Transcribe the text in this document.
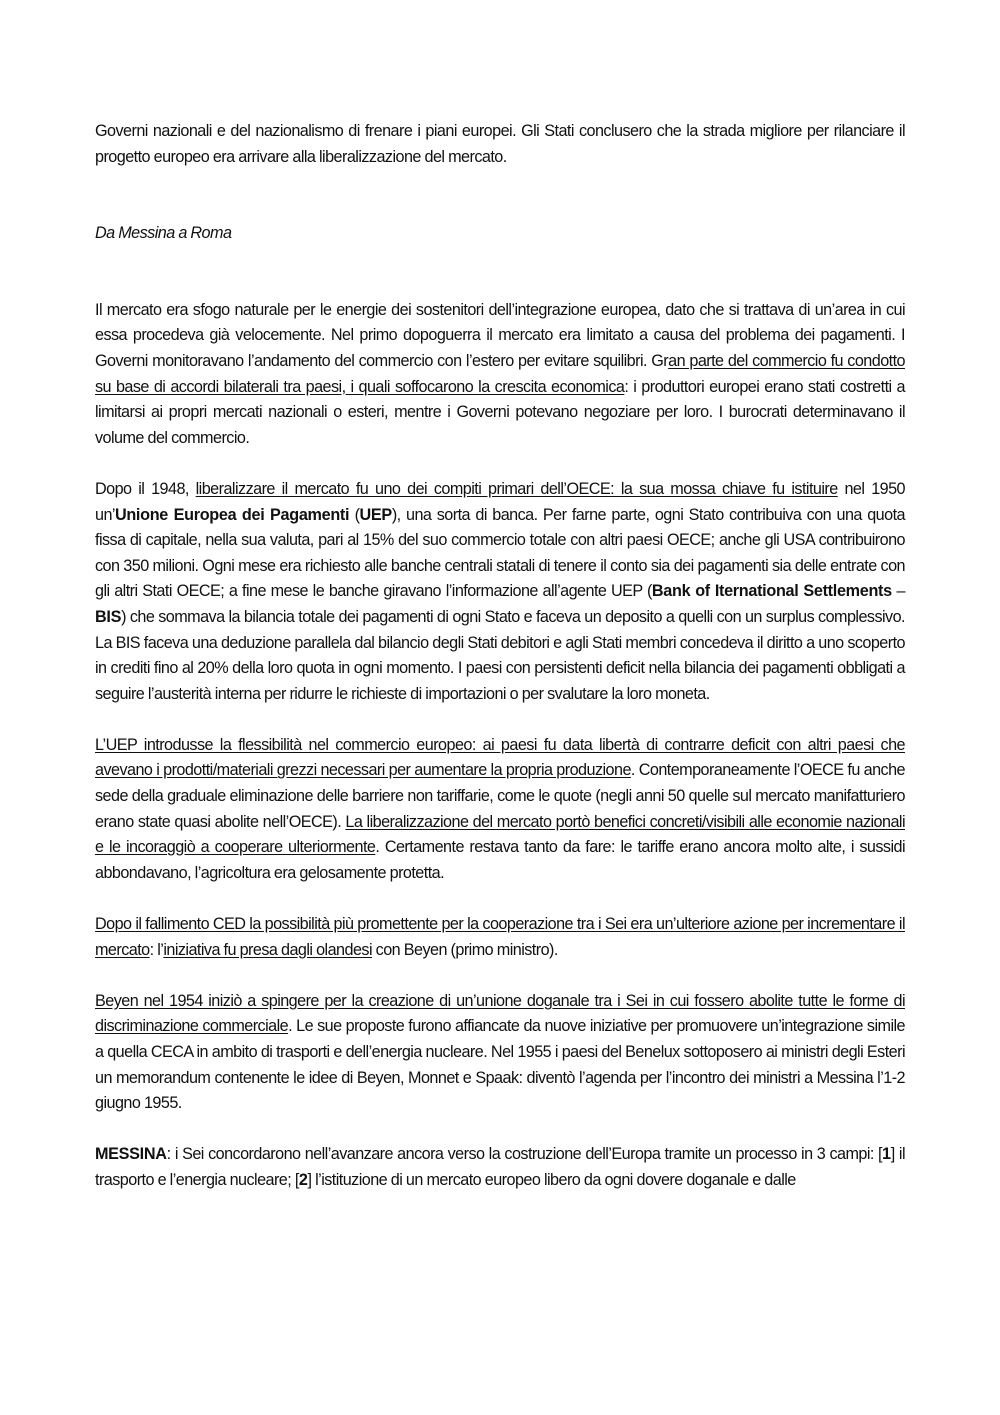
Governi nazionali e del nazionalismo di frenare i piani europei. Gli Stati conclusero che la strada migliore per rilanciare il progetto europeo era arrivare alla liberalizzazione del mercato.

Da Messina a Roma

Il mercato era sfogo naturale per le energie dei sostenitori dell’integrazione europea, dato che si trattava di un’area in cui essa procedeva già velocemente. Nel primo dopoguerra il mercato era limitato a causa del problema dei pagamenti. I Governi monitoravano l’andamento del commercio con l’estero per evitare squilibri. Gran parte del commercio fu condotto su base di accordi bilaterali tra paesi, i quali soffocarono la crescita economica: i produttori europei erano stati costretti a limitarsi ai propri mercati nazionali o esteri, mentre i Governi potevano negoziare per loro. I burocrati determinavano il volume del commercio.

Dopo il 1948, liberalizzare il mercato fu uno dei compiti primari dell’OECE: la sua mossa chiave fu istituire nel 1950 un’Unione Europea dei Pagamenti (UEP), una sorta di banca. Per farne parte, ogni Stato contribuiva con una quota fissa di capitale, nella sua valuta, pari al 15% del suo commercio totale con altri paesi OECE; anche gli USA contribuirono con 350 milioni. Ogni mese era richiesto alle banche centrali statali di tenere il conto sia dei pagamenti sia delle entrate con gli altri Stati OECE; a fine mese le banche giravano l’informazione all’agente UEP (Bank of Iternational Settlements – BIS) che sommava la bilancia totale dei pagamenti di ogni Stato e faceva un deposito a quelli con un surplus complessivo. La BIS faceva una deduzione parallela dal bilancio degli Stati debitori e agli Stati membri concedeva il diritto a uno scoperto in crediti fino al 20% della loro quota in ogni momento. I paesi con persistenti deficit nella bilancia dei pagamenti obbligati a seguire l’austerità interna per ridurre le richieste di importazioni o per svalutare la loro moneta.

L’UEP introdusse la flessibilità nel commercio europeo: ai paesi fu data libertà di contrarre deficit con altri paesi che avevano i prodotti/materiali grezzi necessari per aumentare la propria produzione. Contemporaneamente l’OECE fu anche sede della graduale eliminazione delle barriere non tariffarie, come le quote (negli anni 50 quelle sul mercato manifatturiero erano state quasi abolite nell’OECE). La liberalizzazione del mercato portò benefici concreti/visibili alle economie nazionali e le incoraggiò a cooperare ulteriormente. Certamente restava tanto da fare: le tariffe erano ancora molto alte, i sussidi abbondavano, l’agricoltura era gelosamente protetta.

Dopo il fallimento CED la possibilità più promettente per la cooperazione tra i Sei era un’ulteriore azione per incrementare il mercato: l’iniziativa fu presa dagli olandesi con Beyen (primo ministro).

Beyen nel 1954 iniziò a spingere per la creazione di un’unione doganale tra i Sei in cui fossero abolite tutte le forme di discriminazione commerciale. Le sue proposte furono affiancate da nuove iniziative per promuovere un’integrazione simile a quella CECA in ambito di trasporti e dell’energia nucleare. Nel 1955 i paesi del Benelux sottoposero ai ministri degli Esteri un memorandum contenente le idee di Beyen, Monnet e Spaak: diventò l’agenda per l’incontro dei ministri a Messina l’1-2 giugno 1955.

MESSINA: i Sei concordarono nell’avanzare ancora verso la costruzione dell’Europa tramite un processo in 3 campi: [1] il trasporto e l’energia nucleare; [2] l’istituzione di un mercato europeo libero da ogni dovere doganale e dalle
